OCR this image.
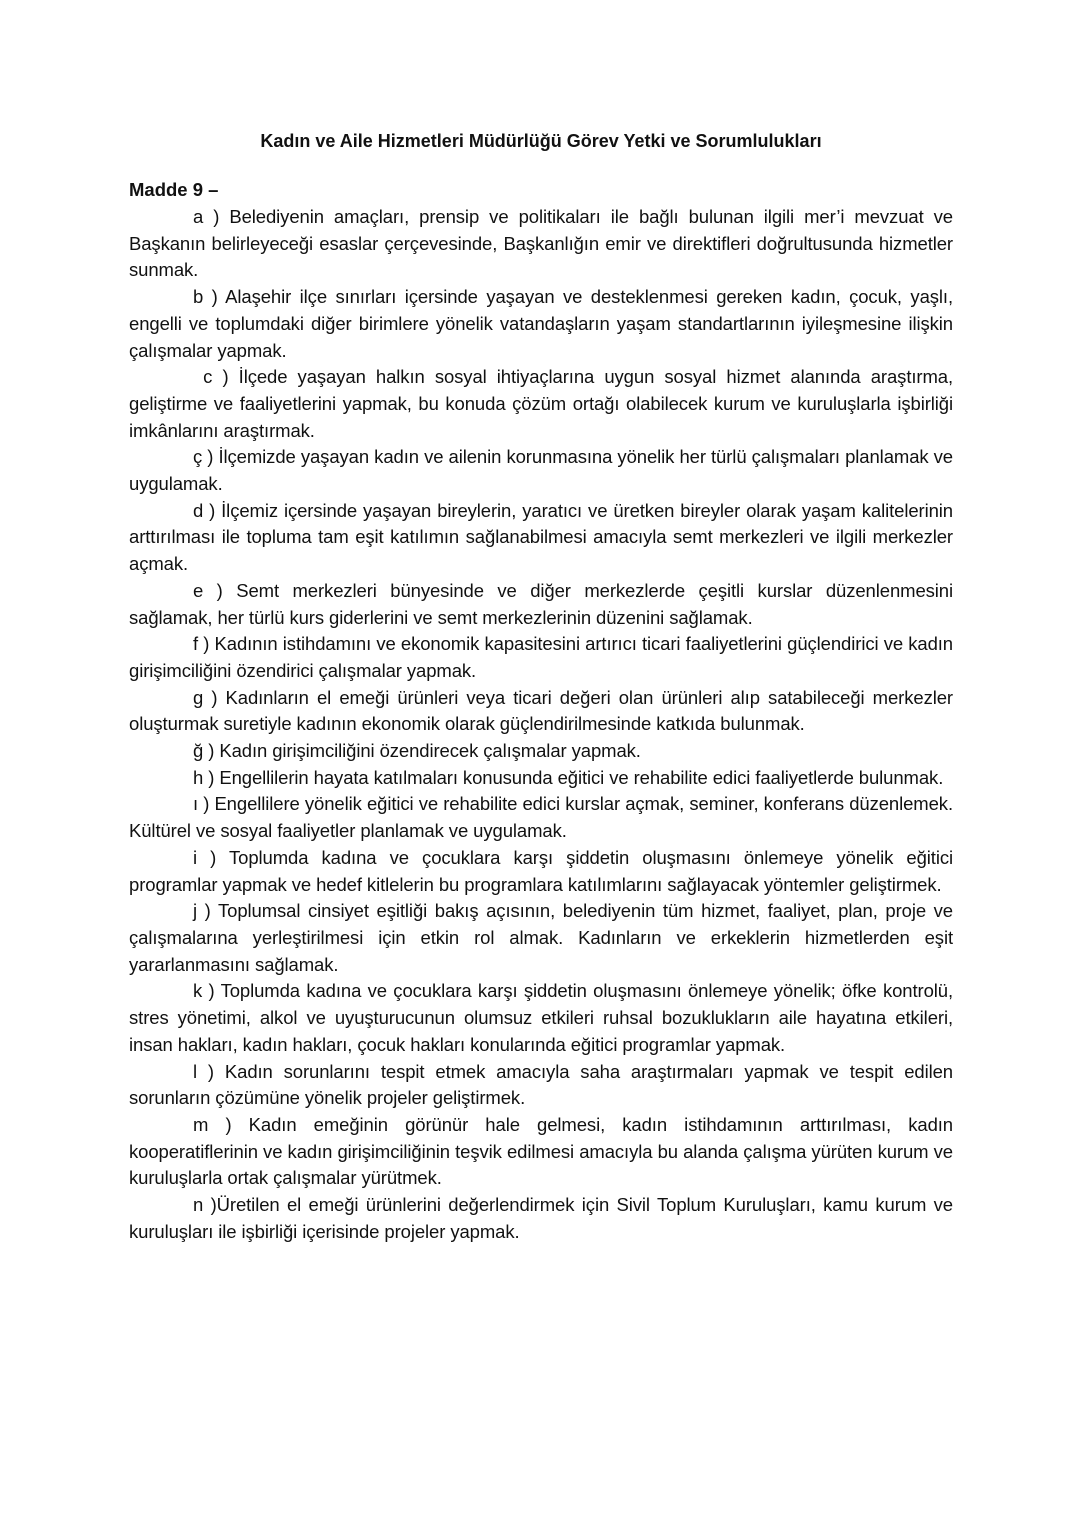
Kadın ve Aile Hizmetleri Müdürlüğü Görev Yetki ve Sorumlulukları
Madde 9 –

a ) Belediyenin amaçları, prensip ve politikaları ile bağlı bulunan ilgili mer’i mevzuat ve Başkanın belirleyeceği esaslar çerçevesinde, Başkanlığın emir ve direktifleri doğrultusunda hizmetler sunmak.

b ) Alaşehir ilçe sınırları içersinde yaşayan ve desteklenmesi gereken kadın, çocuk, yaşlı, engelli ve toplumdaki diğer birimlere yönelik vatandaşların yaşam standartlarının iyileşmesine ilişkin çalışmalar yapmak.

c ) İlçede yaşayan halkın sosyal ihtiyaçlarına uygun sosyal hizmet alanında araştırma, geliştirme ve faaliyetlerini yapmak, bu konuda çözüm ortağı olabilecek kurum ve kuruluşlarla işbirliği imkânlarını araştırmak.

ç ) İlçemizde yaşayan kadın ve ailenin korunmasına yönelik her türlü çalışmaları planlamak ve uygulamak.

d ) İlçemiz içersinde yaşayan bireylerin, yaratıcı ve üretken bireyler olarak yaşam kalitelerinin arttırılması ile topluma tam eşit katılımın sağlanabilmesi amacıyla semt merkezleri ve ilgili merkezler açmak.

e ) Semt merkezleri bünyesinde ve diğer merkezlerde çeşitli kurslar düzenlenmesini sağlamak, her türlü kurs giderlerini ve semt merkezlerinin düzenini sağlamak.

f ) Kadının istihdamını ve ekonomik kapasitesini artırıcı ticari faaliyetlerini güçlendirici ve kadın girişimciliğini özendirici çalışmalar yapmak.

g ) Kadınların el emeği ürünleri veya ticari değeri olan ürünleri alıp satabileceği merkezler oluşturmak suretiyle kadının ekonomik olarak güçlendirilmesinde katkıda bulunmak.

ğ ) Kadın girişimciliğini özendirecek çalışmalar yapmak.

h ) Engellilerin hayata katılmaları konusunda eğitici ve rehabilite edici faaliyetlerde bulunmak.

ı ) Engellilere yönelik eğitici ve rehabilite edici kurslar açmak, seminer, konferans düzenlemek. Kültürel ve sosyal faaliyetler planlamak ve uygulamak.

i ) Toplumda kadına ve çocuklara karşı şiddetin oluşmasını önlemeye yönelik eğitici programlar yapmak ve hedef kitlelerin bu programlara katılımlarını sağlayacak yöntemler geliştirmek.

j ) Toplumsal cinsiyet eşitliği bakış açısının, belediyenin tüm hizmet, faaliyet, plan, proje ve çalışmalarına yerleştirilmesi için etkin rol almak. Kadınların ve erkeklerin hizmetlerden eşit yararlanmasını sağlamak.

k ) Toplumda kadına ve çocuklara karşı şiddetin oluşmasını önlemeye yönelik; öfke kontrolü, stres yönetimi, alkol ve uyuşturucunun olumsuz etkileri ruhsal bozuklukların aile hayatına etkileri, insan hakları, kadın hakları, çocuk hakları konularında eğitici programlar yapmak.

l ) Kadın sorunlarını tespit etmek amacıyla saha araştırmaları yapmak ve tespit edilen sorunların çözümüne yönelik projeler geliştirmek.

m ) Kadın emeğinin görünür hale gelmesi, kadın istihdamının arttırılması, kadın kooperatiflerinin ve kadın girişimciliğinin teşvik edilmesi amacıyla bu alanda çalışma yürüten kurum ve kuruluşlarla ortak çalışmalar yürütmek.

n )Üretilen el emeği ürünlerini değerlendirmek için Sivil Toplum Kuruluşları, kamu kurum ve kuruluşları ile işbirliği içerisinde projeler yapmak.
